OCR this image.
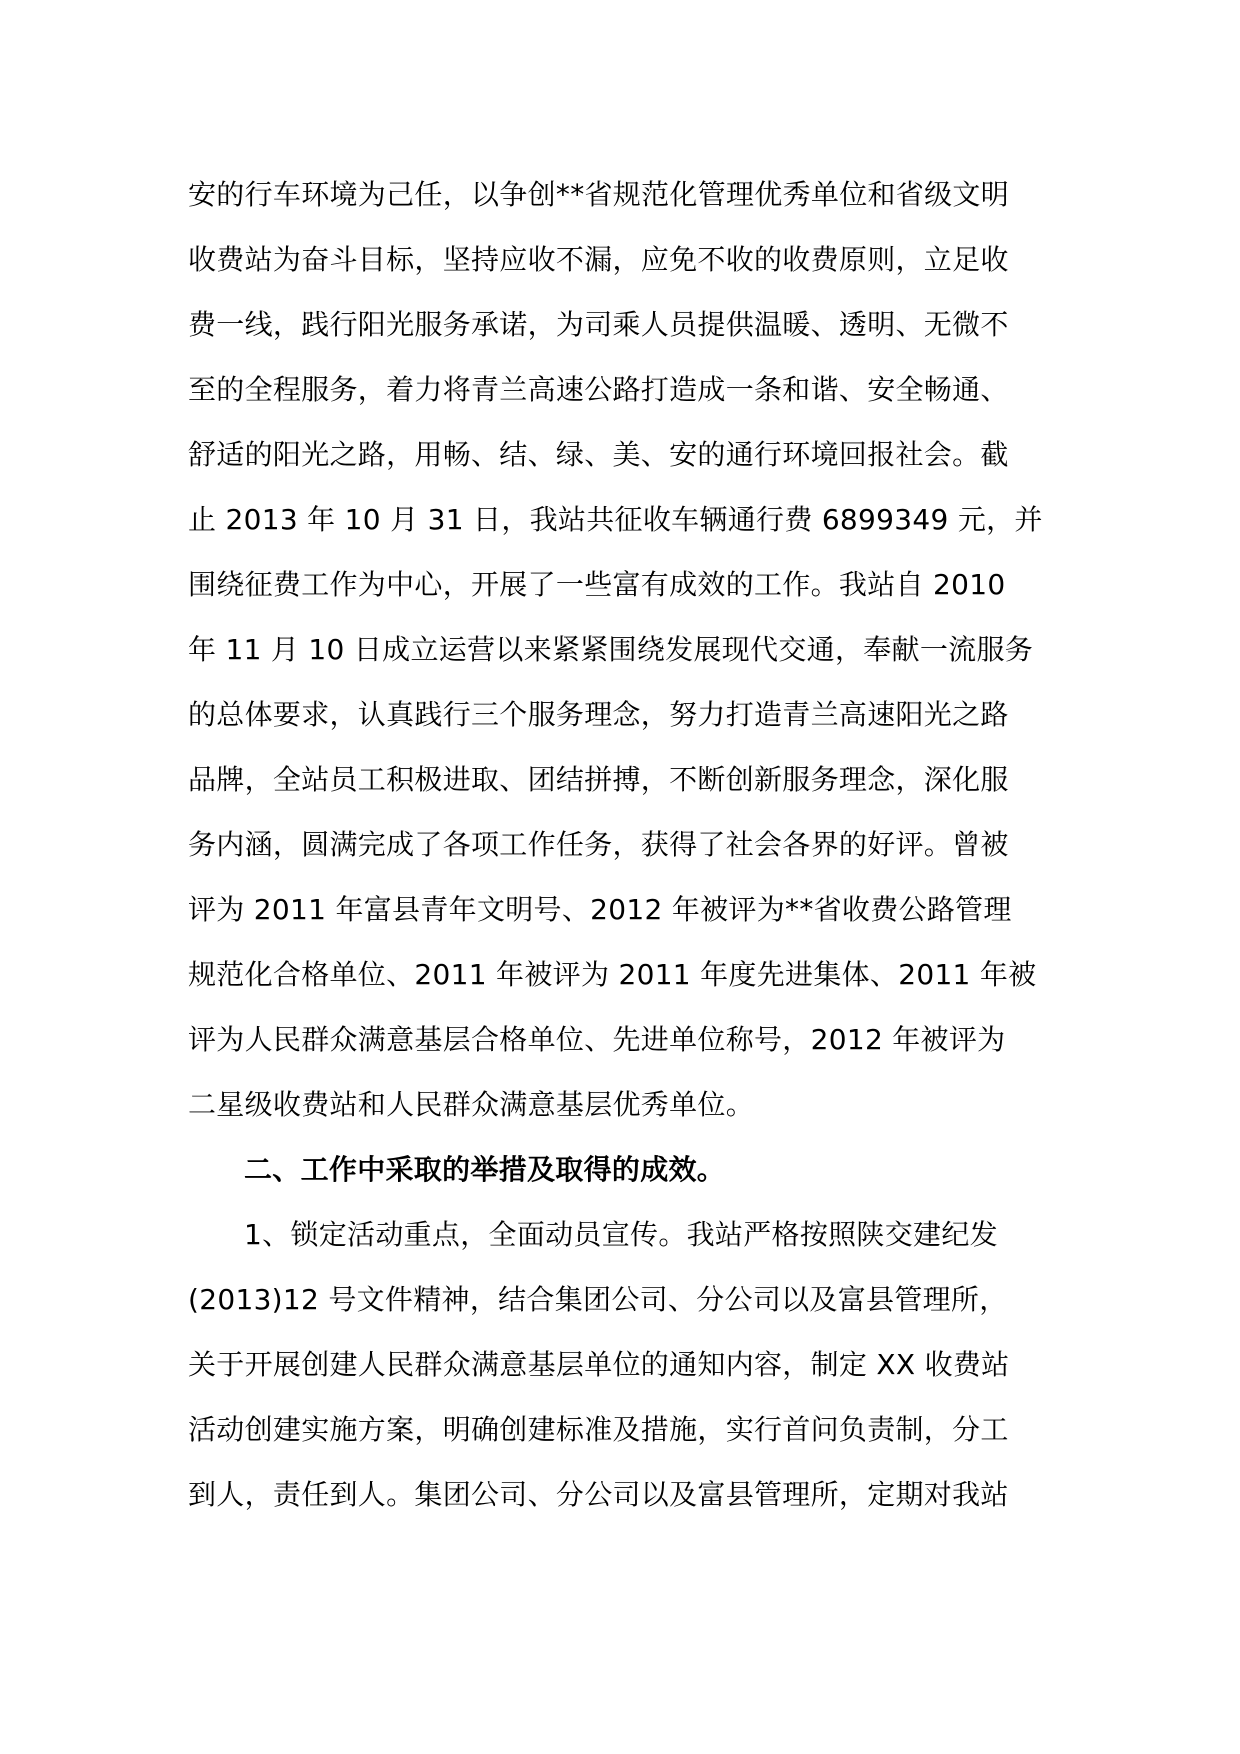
安的行车环境为己任，以争创**省规范化管理优秀单位和省级文明
收费站为奋斗目标，坚持应收不漏，应免不收的收费原则，立足收
费一线，践行阳光服务承诺，为司乘人员提供温暖、透明、无微不
至的全程服务，着力将青兰高速公路打造成一条和谐、安全畅通、
舒适的阳光之路，用畅、结、绿、美、安的通行环境回报社会。截
止 2013 年 10 月 31 日，我站共征收车辆通行费 6899349 元，并
围绕征费工作为中心，开展了一些富有成效的工作。我站自 2010
年 11 月 10 日成立运营以来紧紧围绕发展现代交通，奉献一流服务
的总体要求，认真践行三个服务理念，努力打造青兰高速阳光之路
品牌，全站员工积极进取、团结拼搏，不断创新服务理念，深化服
务内涵，圆满完成了各项工作任务，获得了社会各界的好评。曾被
评为 2011 年富县青年文明号、2012 年被评为**省收费公路管理
规范化合格单位、2011 年被评为 2011 年度先进集体、2011 年被
评为人民群众满意基层合格单位、先进单位称号，2012 年被评为
二星级收费站和人民群众满意基层优秀单位。
二、工作中采取的举措及取得的成效。
1、锁定活动重点，全面动员宣传。我站严格按照陕交建纪发
(2013)12 号文件精神，结合集团公司、分公司以及富县管理所，
关于开展创建人民群众满意基层单位的通知内容，制定 XX 收费站
活动创建实施方案，明确创建标准及措施，实行首问负责制，分工
到人，责任到人。集团公司、分公司以及富县管理所，定期对我站
